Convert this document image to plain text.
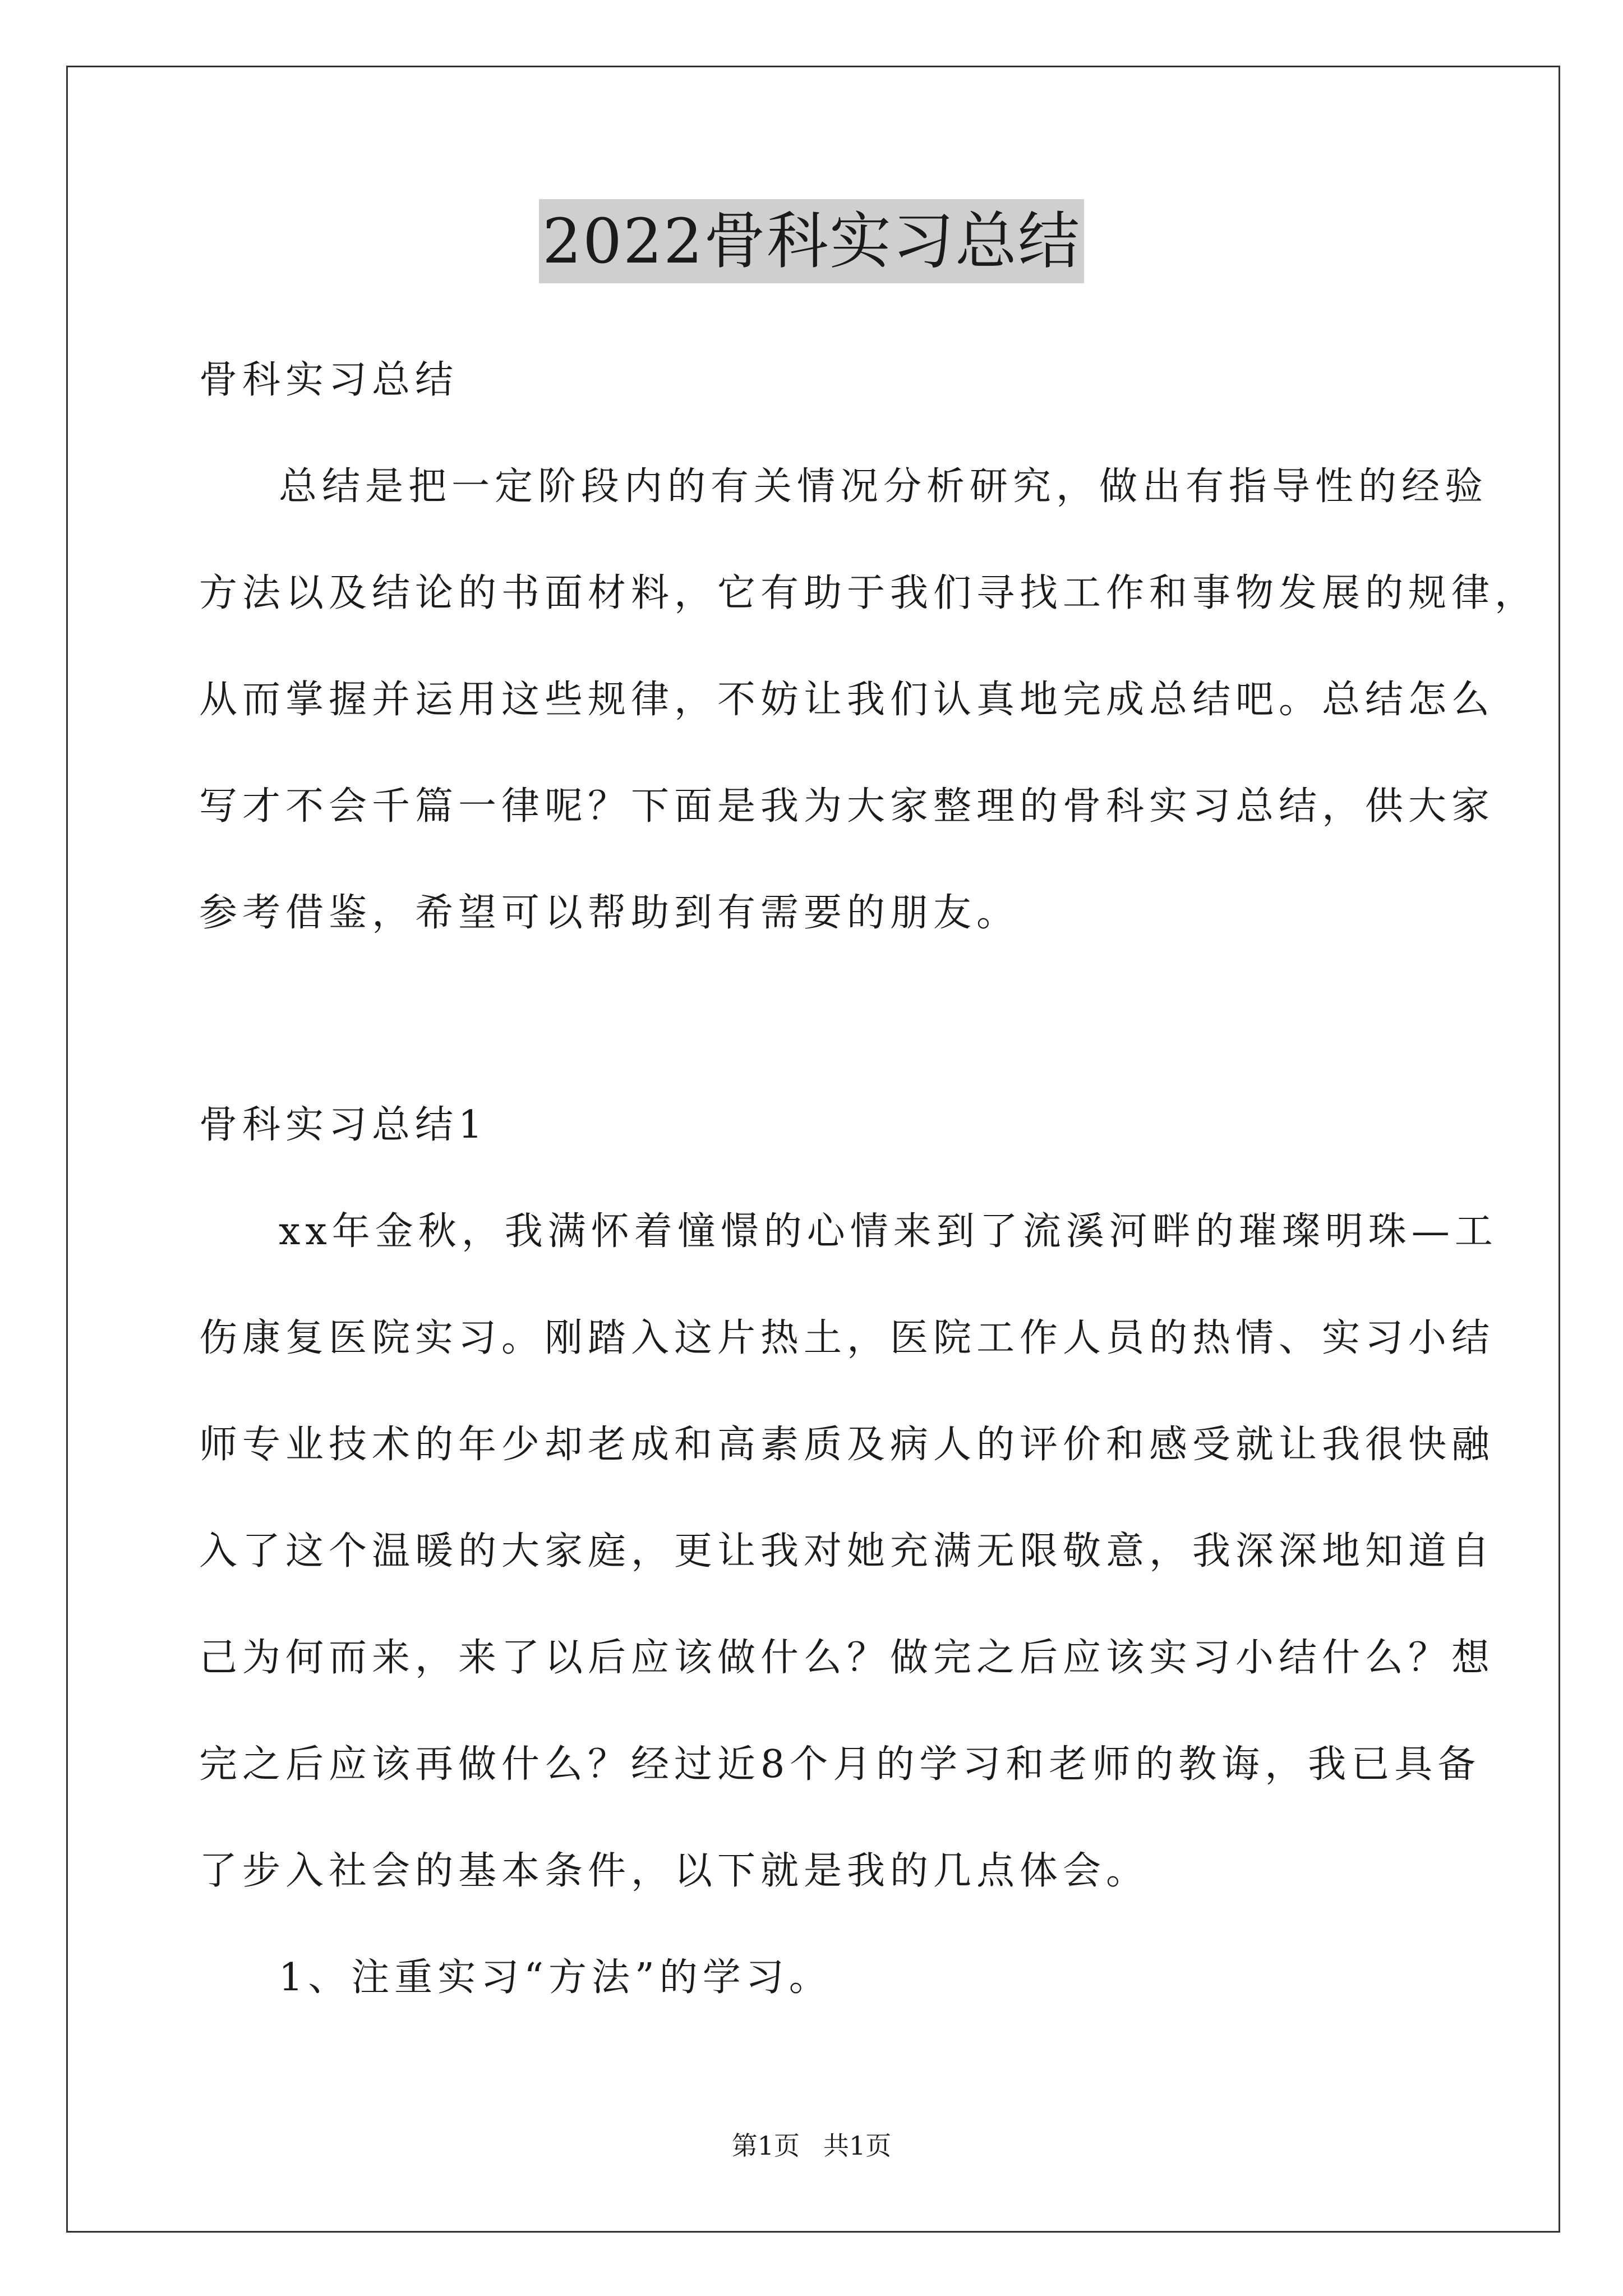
2022骨科实习总结
骨科实习总结
总结是把一定阶段内的有关情况分析研究，做出有指导性的经验
方法以及结论的书面材料，它有助于我们寻找工作和事物发展的规律，
从而掌握并运用这些规律，不妨让我们认真地完成总结吧。总结怎么
写才不会千篇一律呢？下面是我为大家整理的骨科实习总结，供大家
参考借鉴，希望可以帮助到有需要的朋友。
骨科实习总结1
xx年金秋，我满怀着憧憬的心情来到了流溪河畔的璀璨明珠—工
伤康复医院实习。刚踏入这片热土，医院工作人员的热情、实习小结
师专业技术的年少却老成和高素质及病人的评价和感受就让我很快融
入了这个温暖的大家庭，更让我对她充满无限敬意，我深深地知道自
己为何而来，来了以后应该做什么？做完之后应该实习小结什么？想
完之后应该再做什么？经过近8个月的学习和老师的教诲，我已具备
了步入社会的基本条件，以下就是我的几点体会。
1、注重实习“方法”的学习。
第1页 共1页
